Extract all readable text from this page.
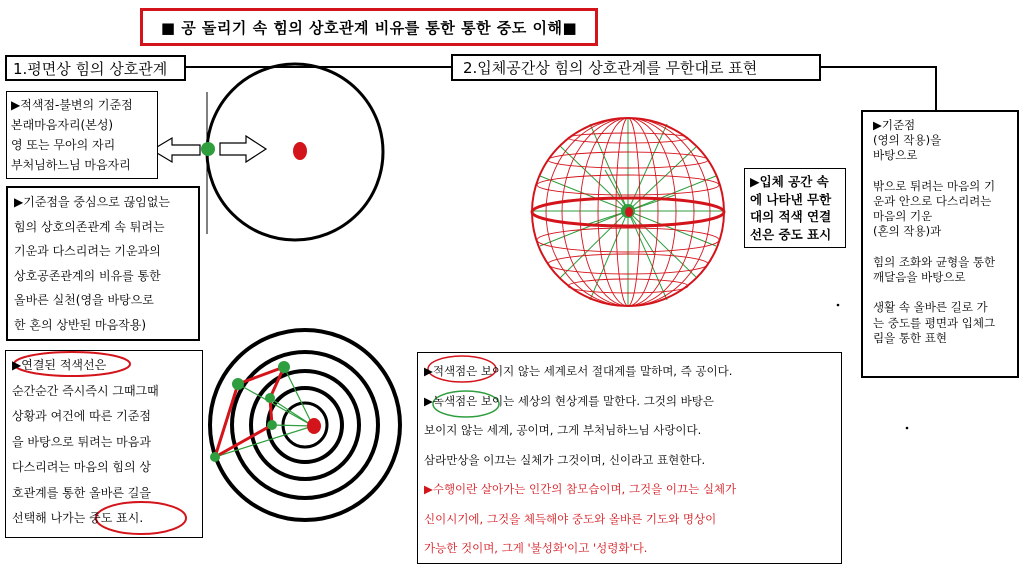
■ 공 돌리기 속 힘의 상호관계 비유를 통한 통한 중도 이해■
1.평면상 힘의 상호관계	2.입체공간상 힘의 상호관계를 무한대로 표현

▶적색점-불변의 기준점

본래마음자리(본성)

영 또는 무아의 자리

부처님하느님 마음자리

▶기준점을 중심으로 끊임없는

힘의 상호의존관계 속 튀려는

기운과 다스리려는 기운과의

상호공존관계의 비유를 통한

올바른 실천(영을 바탕으로

한 혼의 상반된 마음작용)

▶연결된 적색선은

순간순간 즉시즉시 그때그때

상황과 여건에 따른 기준점

을 바탕으로 튀려는 마음과

다스리려는 마음의 힘의 상

호관계를 통한 올바른 길을

선택해 나가는 중도 표시.

▶입체 공간 속

에 나타낸 무한

대의 적색 연결

선은 중도 표시

▶기준점

(영의 작용)을

바탕으로

밖으로 튀려는 마음의 기

운과 안으로 다스리려는

마음의 기운

(혼의 작용)과

힘의 조화와 균형을 통한

깨달음을 바탕으로

생활 속 올바른 길로 가

는 중도를 평면과 입체그

림을 통한 표현

▶적색점은 보이지 않는 세계로서 절대계를 말하며, 즉 공이다.

▶녹색점은 보이는 세상의 현상계를 말한다. 그것의 바탕은

보이지 않는 세계, 공이며, 그게 부처님하느님 사랑이다.

삼라만상을 이끄는 실체가 그것이며, 신이라고 표현한다.

▶수행이란 살아가는 인간의 참모습이며, 그것을 이끄는 실체가

신이시기에, 그것을 체득해야 중도와 올바른 기도와 명상이

가능한 것이며, 그게 '불성화'이고 '성령화'다.
